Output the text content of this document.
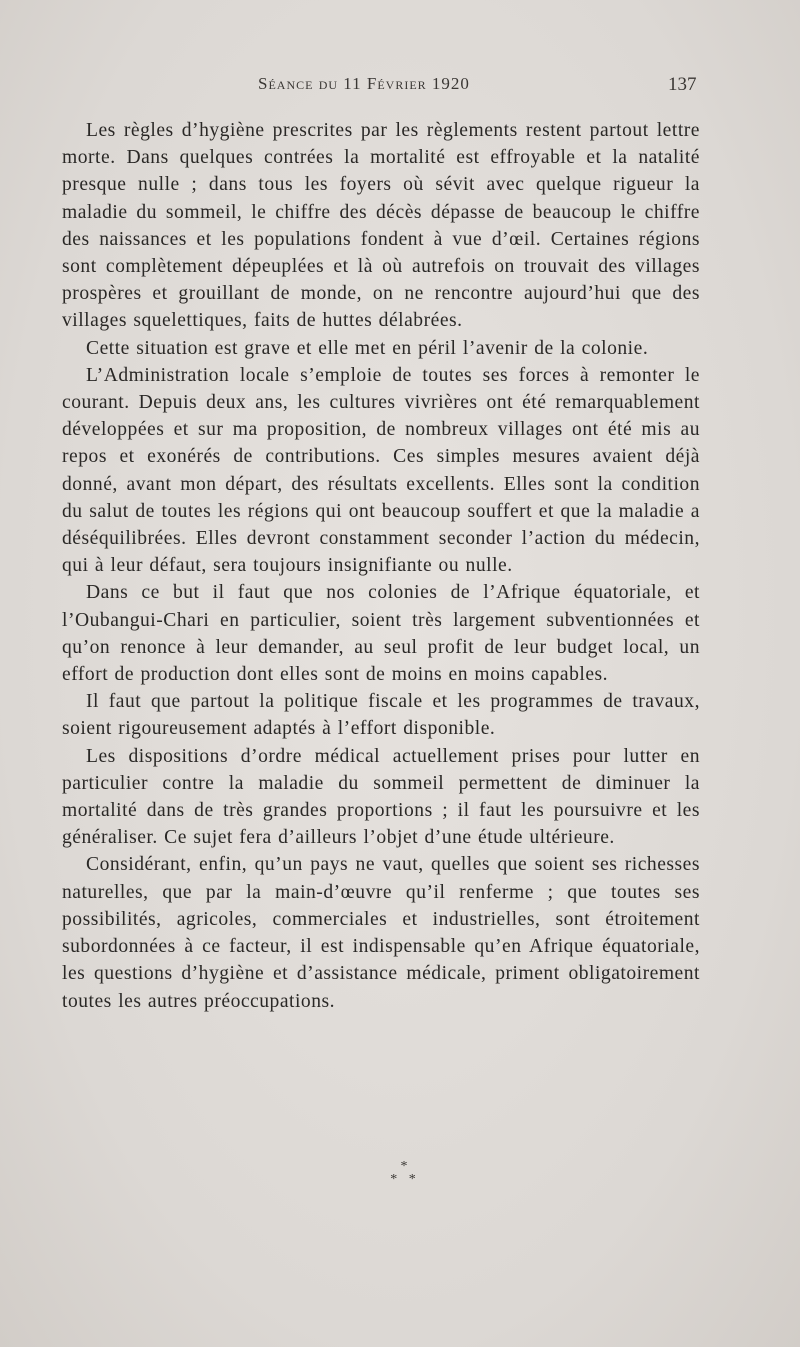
Séance du 11 Février 1920	137

Les règles d’hygiène prescrites par les règlements restent partout lettre morte. Dans quelques contrées la mortalité est effroyable et la natalité presque nulle ; dans tous les foyers où sévit avec quelque rigueur la maladie du sommeil, le chiffre des décès dépasse de beaucoup le chiffre des naissances et les populations fondent à vue d’œil. Certaines régions sont complètement dépeuplées et là où autrefois on trouvait des villages prospères et grouillant de monde, on ne rencontre aujourd’hui que des villages squelettiques, faits de huttes délabrées.

Cette situation est grave et elle met en péril l’avenir de la colonie.

L’Administration locale s’emploie de toutes ses forces à remonter le courant. Depuis deux ans, les cultures vivrières ont été remarquablement développées et sur ma proposition, de nombreux villages ont été mis au repos et exonérés de contributions. Ces simples mesures avaient déjà donné, avant mon départ, des résultats excellents. Elles sont la condition du salut de toutes les régions qui ont beaucoup souffert et que la maladie a déséquilibrées. Elles devront constamment seconder l’action du médecin, qui à leur défaut, sera toujours insignifiante ou nulle.

Dans ce but il faut que nos colonies de l’Afrique équatoriale, et l’Oubangui-Chari en particulier, soient très largement subventionnées et qu’on renonce à leur demander, au seul profit de leur budget local, un effort de production dont elles sont de moins en moins capables.

Il faut que partout la politique fiscale et les programmes de travaux, soient rigoureusement adaptés à l’effort disponible.

Les dispositions d’ordre médical actuellement prises pour lutter en particulier contre la maladie du sommeil permettent de diminuer la mortalité dans de très grandes proportions ; il faut les poursuivre et les généraliser. Ce sujet fera d’ailleurs l’objet d’une étude ultérieure.

Considérant, enfin, qu’un pays ne vaut, quelles que soient ses richesses naturelles, que par la main-d’œuvre qu’il renferme ; que toutes ses possibilités, agricoles, commerciales et industrielles, sont étroitement subordonnées à ce facteur, il est indispensable qu’en Afrique équatoriale, les questions d’hygiène et d’assistance médicale, priment obligatoirement toutes les autres préoccupations.

*
* *
